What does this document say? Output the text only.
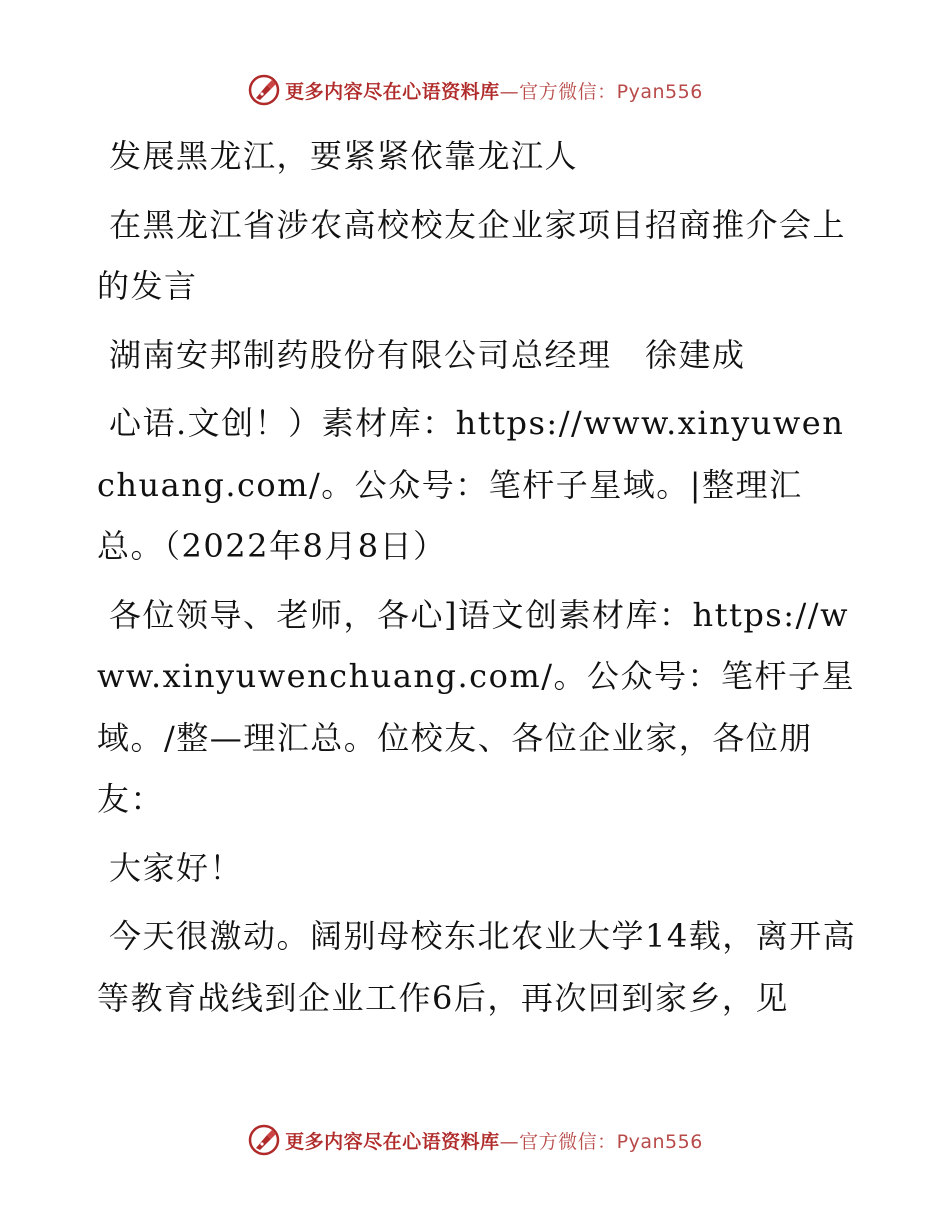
更多内容尽在心语资料库—官方微信：Pyan556

发展黑龙江，要紧紧依靠龙江人

在黑龙江省涉农高校校友企业家项目招商推介会上的发言

湖南安邦制药股份有限公司总经理　徐建成

心语.文创！）素材库：https://www.xinyuwenchuang.com/。公众号：笔杆子星域。|整理汇总。（2022年8月8日）

各位领导、老师，各心]语文创素材库：https://www.xinyuwenchuang.com/。公众号：笔杆子星域。/整—理汇总。位校友、各位企业家，各位朋友：

大家好！

今天很激动。阔别母校东北农业大学14载，离开高等教育战线到企业工作6后，再次回到家乡，见

更多内容尽在心语资料库—官方微信：Pyan556
